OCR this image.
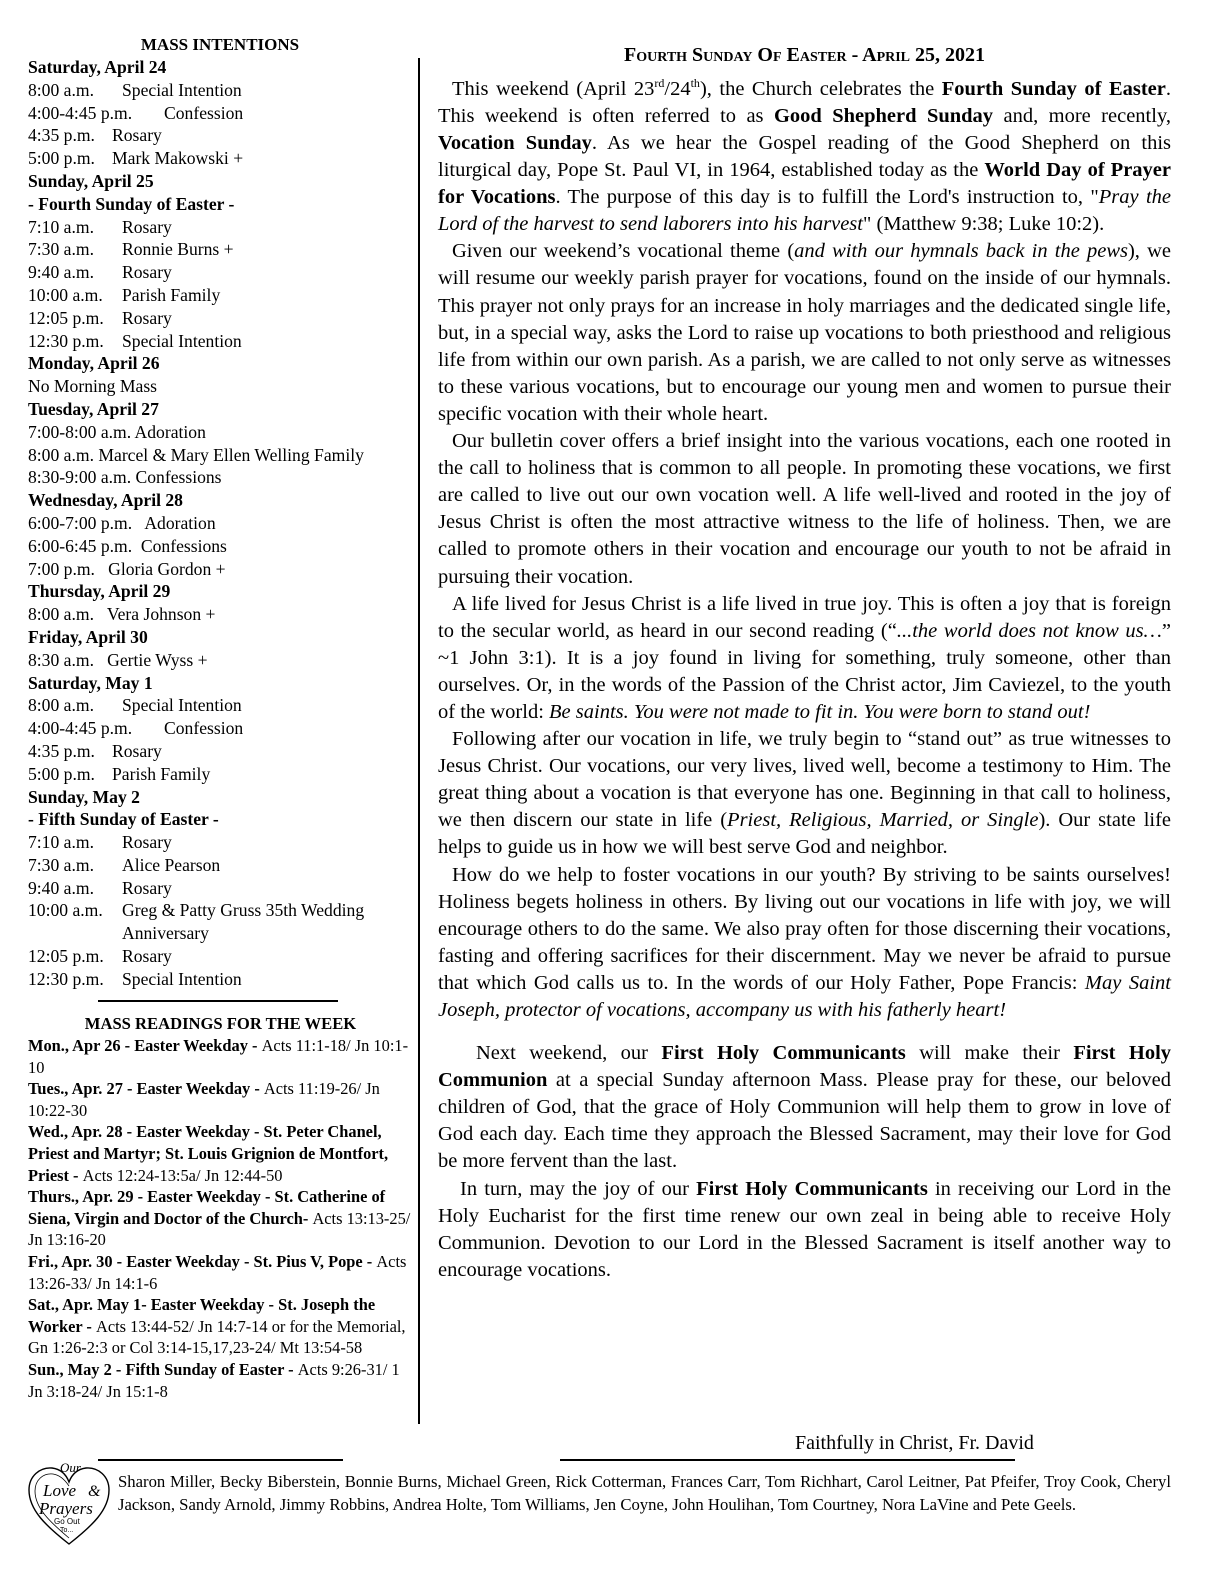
MASS INTENTIONS
Saturday, April 24
8:00 a.m. Special Intention
4:00-4:45 p.m. Confession
4:35 p.m. Rosary
5:00 p.m. Mark Makowski +
Sunday, April 25
- Fourth Sunday of Easter -
7:10 a.m. Rosary
7:30 a.m. Ronnie Burns +
9:40 a.m. Rosary
10:00 a.m. Parish Family
12:05 p.m. Rosary
12:30 p.m. Special Intention
Monday, April 26
No Morning Mass
Tuesday, April 27
7:00-8:00 a.m. Adoration
8:00 a.m. Marcel & Mary Ellen Welling Family
8:30-9:00 a.m. Confessions
Wednesday, April 28
6:00-7:00 p.m.   Adoration
6:00-6:45 p.m.  Confessions
7:00 p.m.   Gloria Gordon +
Thursday, April 29
8:00 a.m.   Vera Johnson +
Friday, April 30
8:30 a.m.   Gertie Wyss +
Saturday, May 1
8:00 a.m. Special Intention
4:00-4:45 p.m. Confession
4:35 p.m. Rosary
5:00 p.m. Parish Family
Sunday, May 2
- Fifth Sunday of Easter -
7:10 a.m. Rosary
7:30 a.m. Alice Pearson
9:40 a.m. Rosary
10:00 a.m.	Greg & Patty Gruss 35th Wedding Anniversary
12:05 p.m. Rosary
12:30 p.m. Special Intention
MASS READINGS FOR THE WEEK

Mon., Apr 26 - Easter Weekday - Acts 11:1-18/ Jn 10:1-10

Tues., Apr. 27 - Easter Weekday - Acts 11:19-26/ Jn 10:22-30

Wed., Apr. 28 - Easter Weekday - St. Peter Chanel, Priest and Martyr; St. Louis Grignion de Montfort, Priest - Acts 12:24-13:5a/ Jn 12:44-50

Thurs., Apr. 29 - Easter Weekday - St. Catherine of Siena, Virgin and Doctor of the Church- Acts 13:13-25/ Jn 13:16-20

Fri., Apr. 30 - Easter Weekday - St. Pius V, Pope - Acts 13:26-33/ Jn 14:1-6

Sat., Apr. May 1- Easter Weekday - St. Joseph the Worker - Acts 13:44-52/ Jn 14:7-14 or for the Memorial, Gn 1:26-2:3 or Col 3:14-15,17,23-24/ Mt 13:54-58

Sun., May 2 - Fifth Sunday of Easter - Acts 9:26-31/ 1 Jn 3:18-24/ Jn 15:1-8

Fourth Sunday Of Easter - April 25, 2021

This weekend (April 23rd/24th), the Church celebrates the Fourth Sunday of Easter. This weekend is often referred to as Good Shepherd Sunday and, more recently, Vocation Sunday. As we hear the Gospel reading of the Good Shepherd on this liturgical day, Pope St. Paul VI, in 1964, established today as the World Day of Prayer for Vocations. The purpose of this day is to fulfill the Lord's instruction to, "Pray the Lord of the harvest to send laborers into his harvest" (Matthew 9:38; Luke 10:2).

Given our weekend’s vocational theme (and with our hymnals back in the pews), we will resume our weekly parish prayer for vocations, found on the inside of our hymnals. This prayer not only prays for an increase in holy marriages and the dedicated single life, but, in a special way, asks the Lord to raise up vocations to both priesthood and religious life from within our own parish. As a parish, we are called to not only serve as witnesses to these various vocations, but to encourage our young men and women to pursue their specific vocation with their whole heart.

Our bulletin cover offers a brief insight into the various vocations, each one rooted in the call to holiness that is common to all people. In promoting these vocations, we first are called to live out our own vocation well. A life well-lived and rooted in the joy of Jesus Christ is often the most attractive witness to the life of holiness. Then, we are called to promote others in their vocation and encourage our youth to not be afraid in pursuing their vocation.

A life lived for Jesus Christ is a life lived in true joy. This is often a joy that is foreign to the secular world, as heard in our second reading (“...the world does not know us…” ~1 John 3:1). It is a joy found in living for something, truly someone, other than ourselves. Or, in the words of the Passion of the Christ actor, Jim Caviezel, to the youth of the world: Be saints. You were not made to fit in. You were born to stand out!

Following after our vocation in life, we truly begin to “stand out” as true witnesses to Jesus Christ. Our vocations, our very lives, lived well, become a testimony to Him. The great thing about a vocation is that everyone has one. Beginning in that call to holiness, we then discern our state in life (Priest, Religious, Married, or Single). Our state life helps to guide us in how we will best serve God and neighbor.

How do we help to foster vocations in our youth? By striving to be saints ourselves! Holiness begets holiness in others. By living out our vocations in life with joy, we will encourage others to do the same. We also pray often for those discerning their vocations, fasting and offering sacrifices for their discernment. May we never be afraid to pursue that which God calls us to. In the words of our Holy Father, Pope Francis: May Saint Joseph, protector of vocations, accompany us with his fatherly heart!

Next weekend, our First Holy Communicants will make their First Holy Communion at a special Sunday afternoon Mass. Please pray for these, our beloved children of God, that the grace of Holy Communion will help them to grow in love of God each day. Each time they approach the Blessed Sacrament, may their love for God be more fervent than the last.

In turn, may the joy of our First Holy Communicants in receiving our Lord in the Holy Eucharist for the first time renew our own zeal in being able to receive Holy Communion. Devotion to our Lord in the Blessed Sacrament is itself another way to encourage vocations.

Faithfully in Christ, Fr. David
Our
Love &
Prayers
Go Out
To...
Sharon Miller, Becky Biberstein, Bonnie Burns, Michael Green, Rick Cotterman, Frances Carr, Tom Richhart, Carol Leitner, Pat Pfeifer, Troy Cook, Cheryl Jackson, Sandy Arnold, Jimmy Robbins, Andrea Holte, Tom Williams, Jen Coyne, John Houlihan, Tom Courtney, Nora LaVine and Pete Geels.
